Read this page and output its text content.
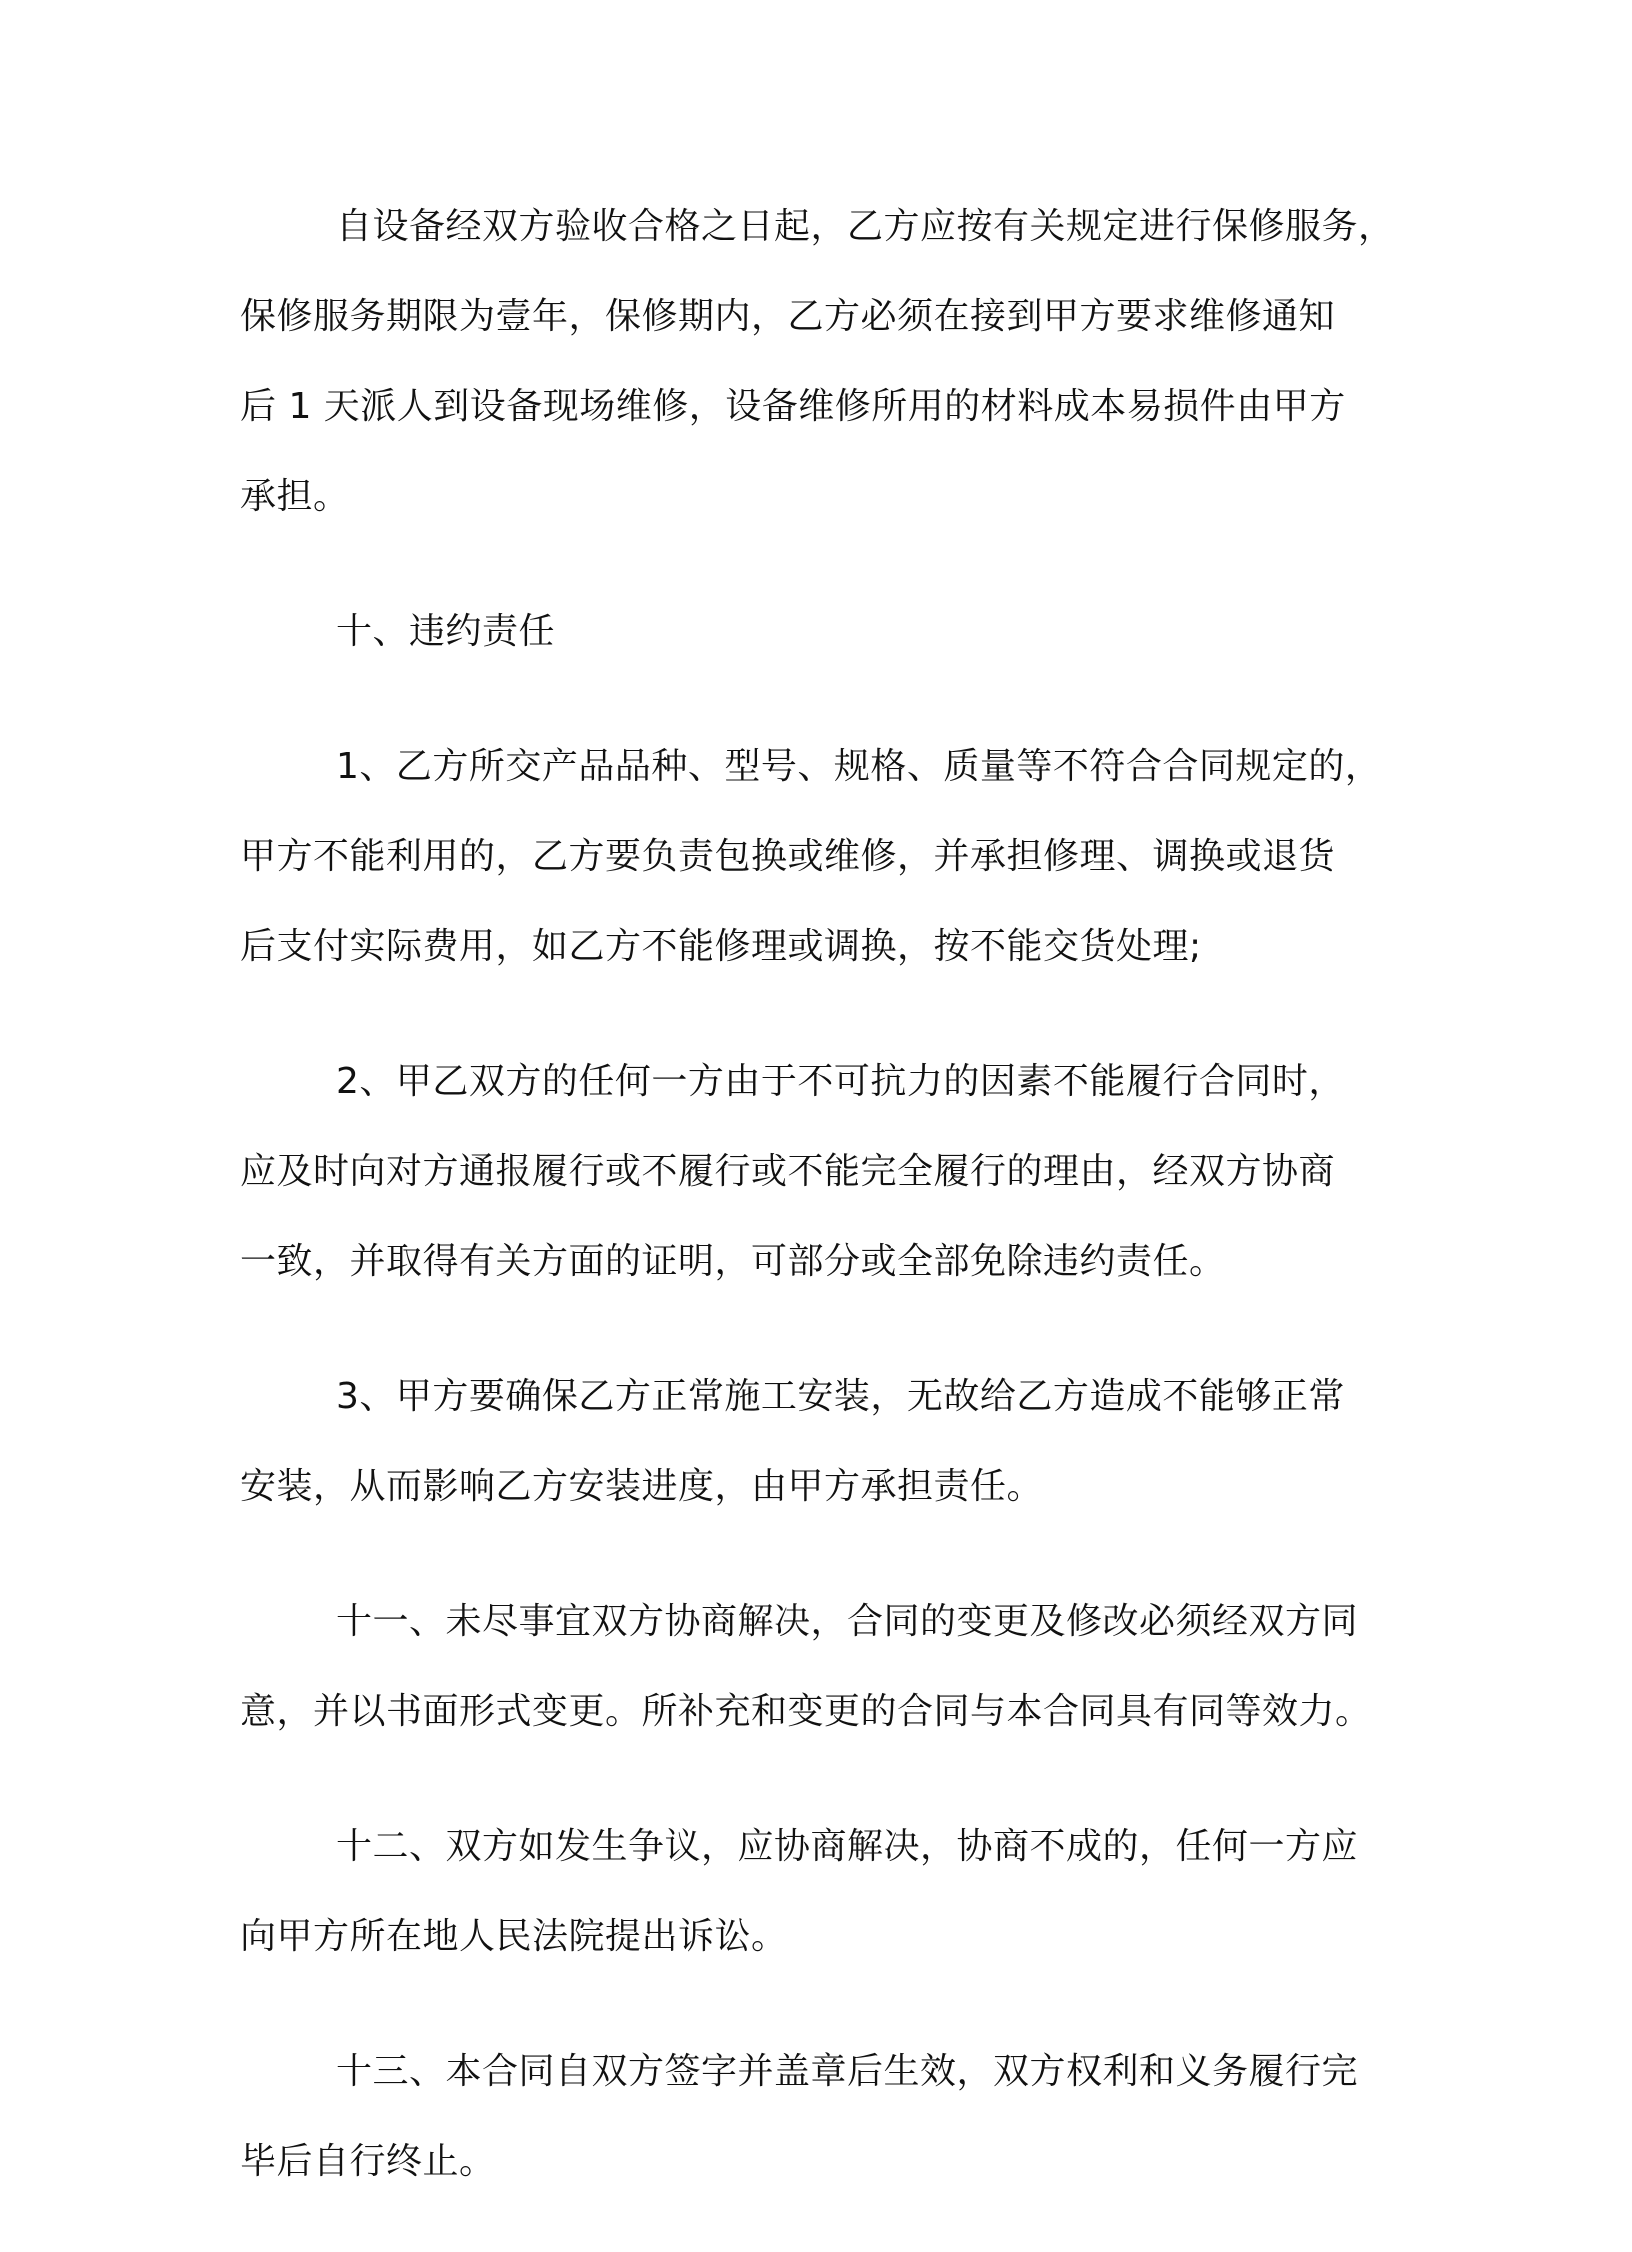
自设备经双方验收合格之日起，乙方应按有关规定进行保修服务，
保修服务期限为壹年，保修期内，乙方必须在接到甲方要求维修通知
后 1 天派人到设备现场维修，设备维修所用的材料成本易损件由甲方
承担。

十、违约责任

1、乙方所交产品品种、型号、规格、质量等不符合合同规定的，
甲方不能利用的，乙方要负责包换或维修，并承担修理、调换或退货
后支付实际费用，如乙方不能修理或调换，按不能交货处理;

2、甲乙双方的任何一方由于不可抗力的因素不能履行合同时，
应及时向对方通报履行或不履行或不能完全履行的理由，经双方协商
一致，并取得有关方面的证明，可部分或全部免除违约责任。

3、甲方要确保乙方正常施工安装，无故给乙方造成不能够正常
安装，从而影响乙方安装进度，由甲方承担责任。

十一、未尽事宜双方协商解决，合同的变更及修改必须经双方同
意，并以书面形式变更。所补充和变更的合同与本合同具有同等效力。

十二、双方如发生争议，应协商解决，协商不成的，任何一方应
向甲方所在地人民法院提出诉讼。

十三、本合同自双方签字并盖章后生效，双方权利和义务履行完
毕后自行终止。
